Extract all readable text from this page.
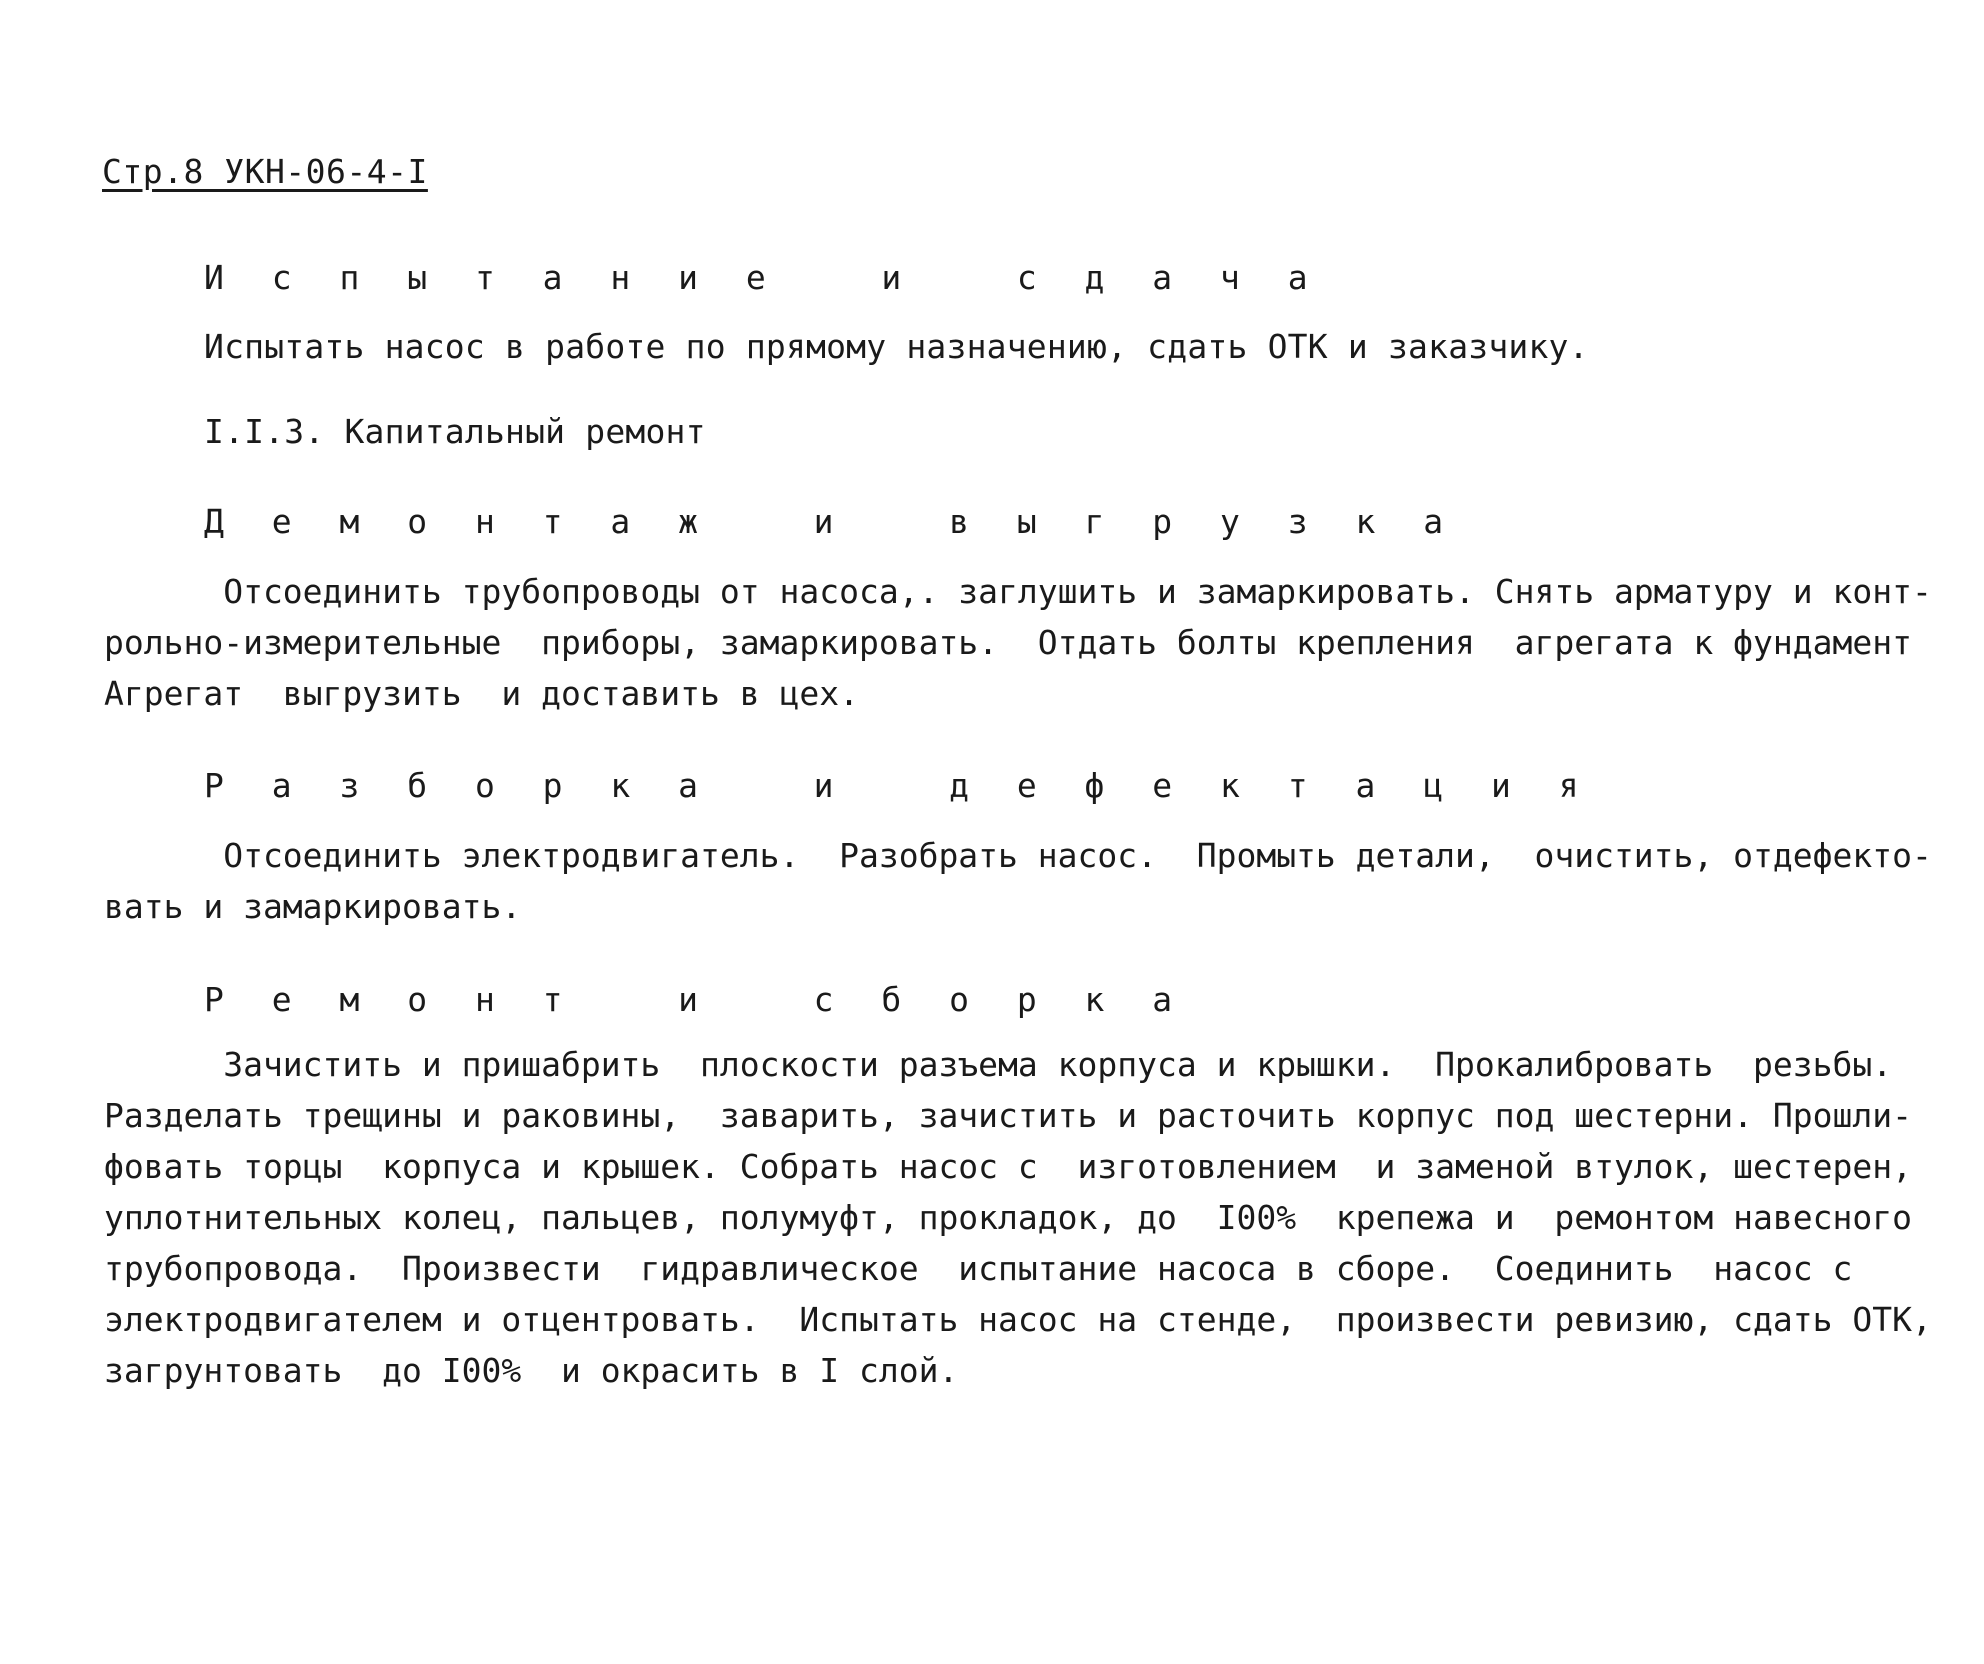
Стр.8 УКН-06-4-I
И с п ы т а н и е   и   с д а ч а
Испытать насос в работе по прямому назначению, сдать ОТК и заказчику.
I.I.3. Капитальный ремонт
Д е м о н т а ж   и   в ы г р у з к а
Отсоединить трубопроводы от насоса,. заглушить и замаркировать. Снять арматуру и конт-
рольно-измерительные  приборы, замаркировать.  Отдать болты крепления  агрегата к фундамент
Агрегат  выгрузить  и доставить в цех.
Р а з б о р к а   и   д е ф е к т а ц и я
Отсоединить электродвигатель.  Разобрать насос.  Промыть детали,  очистить, отдефекто-
вать и замаркировать.
Р е м о н т   и   с б о р к а
Зачистить и пришабрить  плоскости разъема корпуса и крышки.  Прокалибровать  резьбы.
Разделать трещины и раковины,  заварить, зачистить и расточить корпус под шестерни. Прошли-
фовать торцы  корпуса и крышек. Собрать насос с  изготовлением  и заменой втулок, шестерен,
уплотнительных колец, пальцев, полумуфт, прокладок, до  I00%  крепежа и  ремонтом навесного
трубопровода.  Произвести  гидравлическое  испытание насоса в сборе.  Соединить  насос с
электродвигателем и отцентровать.  Испытать насос на стенде,  произвести ревизию, сдать ОТК,
загрунтовать  до I00%  и окрасить в I слой.
